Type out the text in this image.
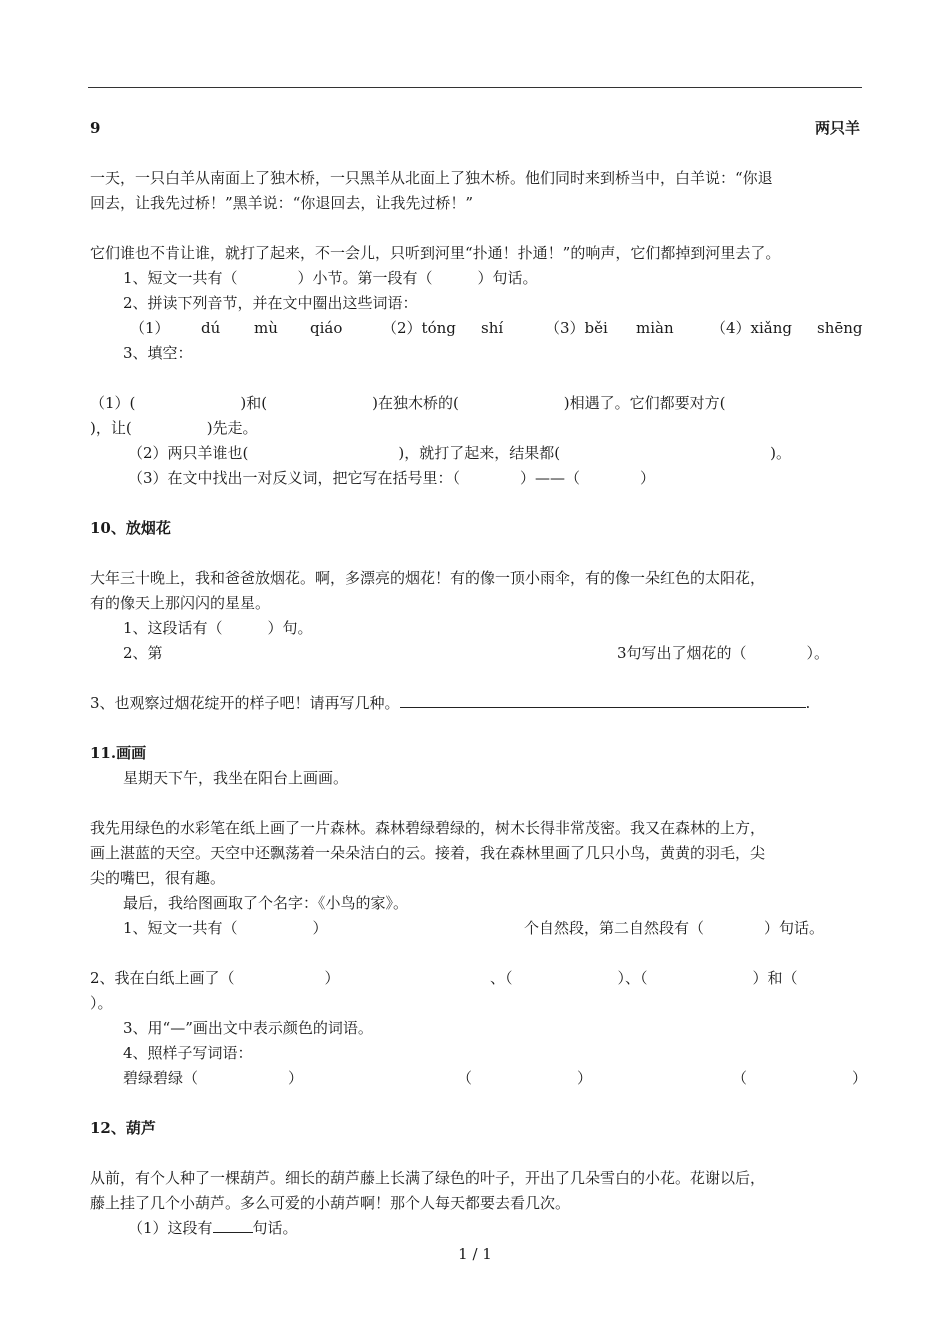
9	两只羊
一天，一只白羊从南面上了独木桥，一只黑羊从北面上了独木桥。他们同时来到桥当中，白羊说：“你退
回去，让我先过桥！”黑羊说：“你退回去，让我先过桥！”
它们谁也不肯让谁，就打了起来，不一会儿，只听到河里“扑通！扑通！”的响声，它们都掉到河里去了。
1、短文一共有（　　　　）小节。第一段有（　　　）句话。
2、拼读下列音节，并在文中圈出这些词语：
（1） dú mù qiáo	（2）tóng shí	（3）běi miàn （4）xiǎng shēng
3、填空：
（1）(　　　　　　　)和(　　　　　　　)在独木桥的(　　　　　　　)相遇了。它们都要对方(
)，让(　　　　　)先走。
（2）两只羊谁也(　　　　　　　　　　)，就打了起来，结果都(　　　　　　　　　　　　　　)。
（3）在文中找出一对反义词，把它写在括号里：（　　　　）——（　　　　）
10、放烟花
大年三十晚上，我和爸爸放烟花。啊，多漂亮的烟花！有的像一顶小雨伞，有的像一朵红色的太阳花，
有的像天上那闪闪的星星。
1、这段话有（　　　）句。
2、第	3句写出了烟花的（　　　　）。
3、也观察过烟花绽开的样子吧！请再写几种。	.
11.画画
星期天下午，我坐在阳台上画画。
我先用绿色的水彩笔在纸上画了一片森林。森林碧绿碧绿的，树木长得非常茂密。我又在森林的上方，
画上湛蓝的天空。天空中还飘荡着一朵朵洁白的云。接着，我在森林里画了几只小鸟，黄黄的羽毛，尖
尖的嘴巴，很有趣。
最后，我给图画取了个名字：《小鸟的家》。
1、短文一共有（　　　　　）	个自然段，第二自然段有（　　　　）句话。
2、我在白纸上画了（　　　　　　）	、（　　　　　　　）、（　　　　　　　）和（
）。
3、用“—”画出文中表示颜色的词语。
4、照样子写词语：
碧绿碧绿（　　　　　　）	（　　　　　　　）	（　　　　　　　）
12、葫芦
从前，有个人种了一棵葫芦。细长的葫芦藤上长满了绿色的叶子，开出了几朵雪白的小花。花谢以后，
藤上挂了几个小葫芦。多么可爱的小葫芦啊！那个人每天都要去看几次。
（1）这段有	句话。
1 / 1
